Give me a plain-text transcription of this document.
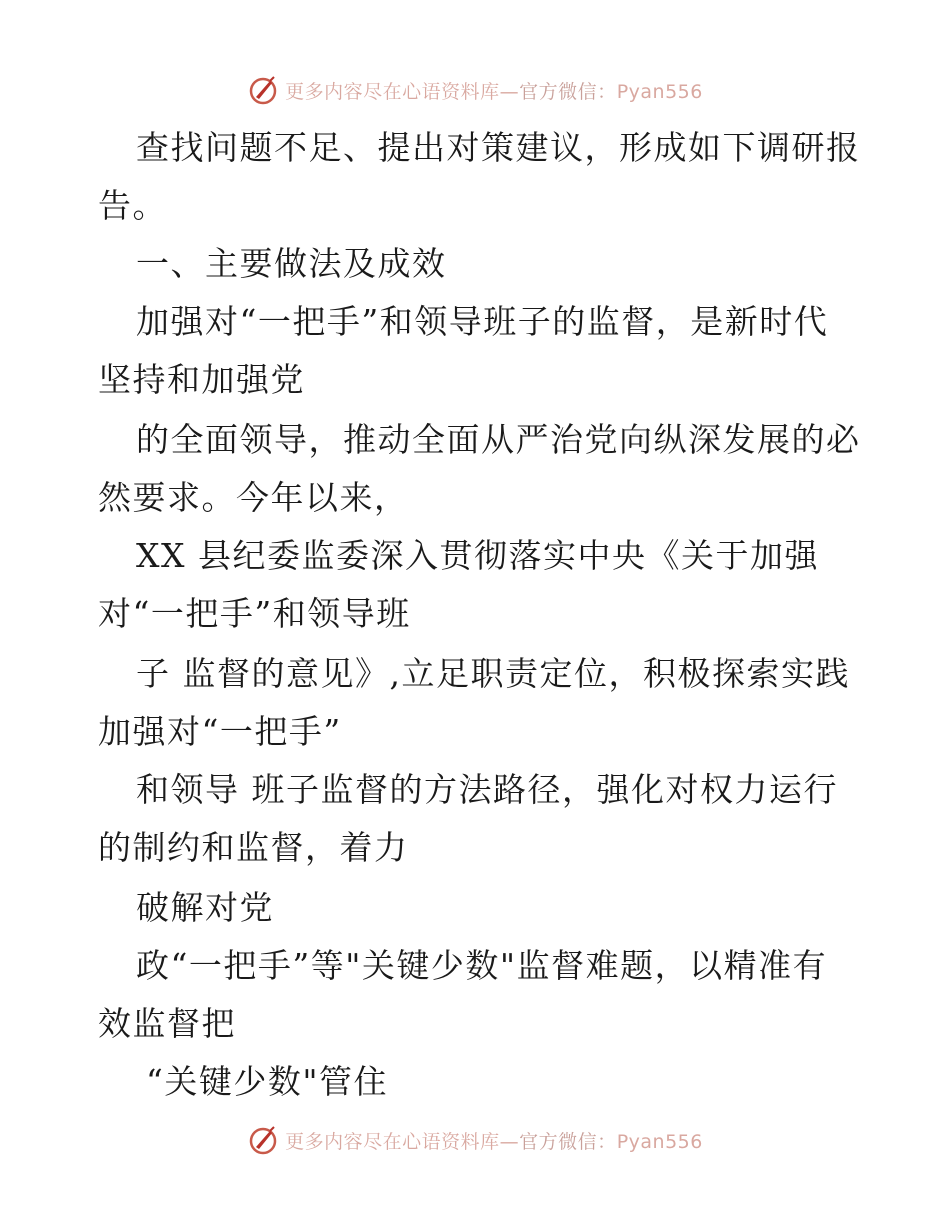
更多内容尽在心语资料库—官方微信：Pyan556
查找问题不足、提出对策建议，形成如下调研报
告。
一、主要做法及成效
加强对“一把手”和领导班子的监督，是新时代
坚持和加强党
的全面领导，推动全面从严治党向纵深发展的必
然要求。今年以来，
XX 县纪委监委深入贯彻落实中央《关于加强
对“一把手”和领导班
子 监督的意见》,立足职责定位，积极探索实践
加强对“一把手”
和领导 班子监督的方法路径，强化对权力运行
的制约和监督，着力
破解对党
政“一把手”等"关键少数"监督难题，以精准有
效监督把
“关键少数"管住
更多内容尽在心语资料库—官方微信：Pyan556
